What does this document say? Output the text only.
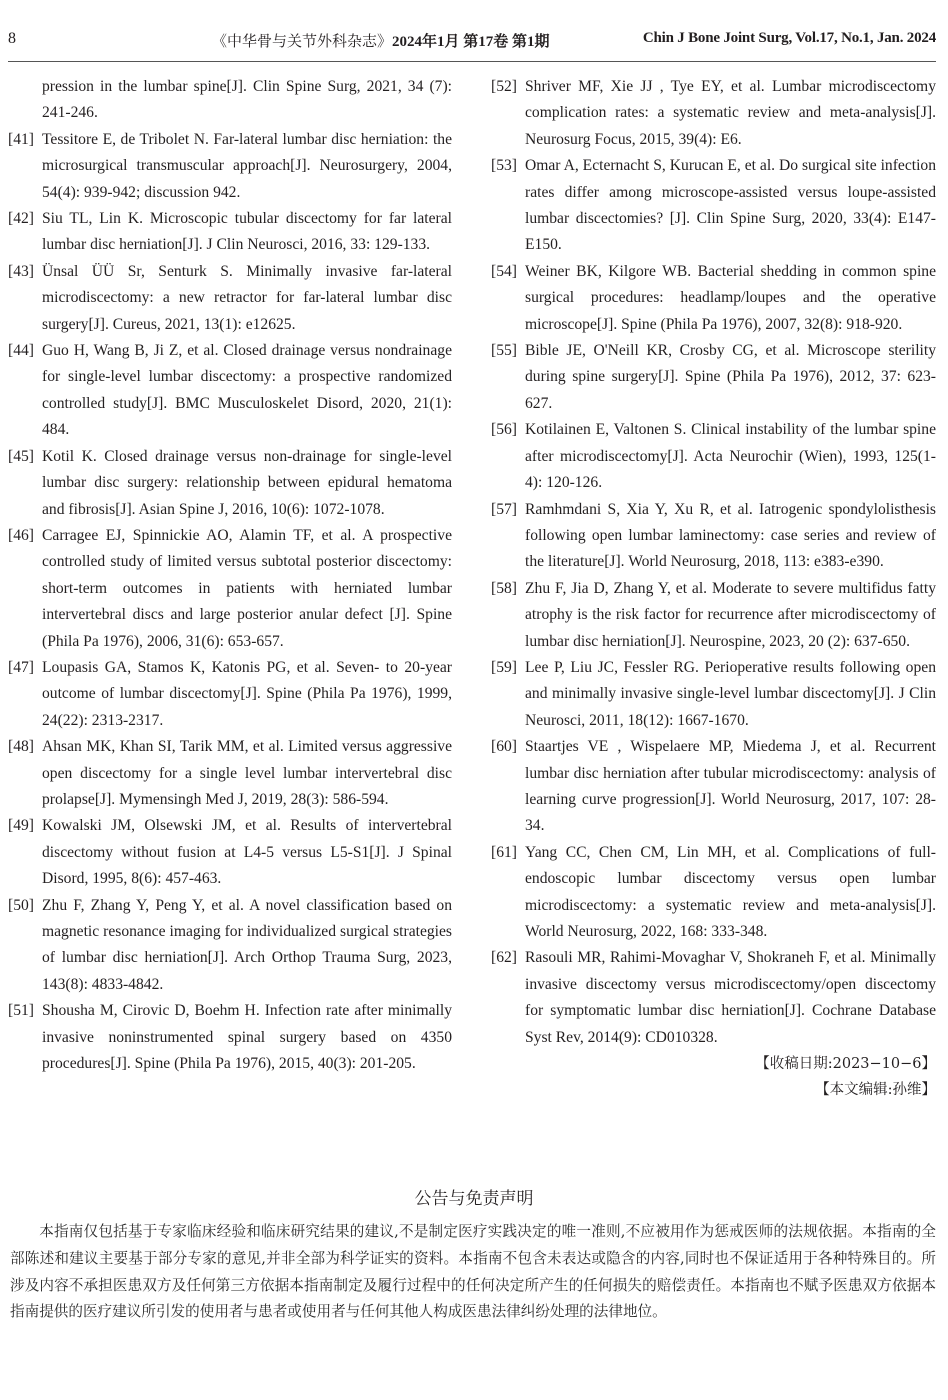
8	《中华骨与关节外科杂志》2024年1月 第17卷 第1期	Chin J Bone Joint Surg, Vol.17, No.1, Jan. 2024
pression in the lumbar spine[J]. Clin Spine Surg, 2021, 34 (7): 241-246.
[41] Tessitore E, de Tribolet N. Far-lateral lumbar disc herniation: the microsurgical transmuscular approach[J]. Neurosurgery, 2004, 54(4): 939-942; discussion 942.
[42] Siu TL, Lin K. Microscopic tubular discectomy for far lateral lumbar disc herniation[J]. J Clin Neurosci, 2016, 33: 129-133.
[43] Ünsal ÜÜ Sr, Senturk S. Minimally invasive far-lateral microdiscectomy: a new retractor for far-lateral lumbar disc surgery[J]. Cureus, 2021, 13(1): e12625.
[44] Guo H, Wang B, Ji Z, et al. Closed drainage versus nondrainage for single-level lumbar discectomy: a prospective randomized controlled study[J]. BMC Musculoskelet Disord, 2020, 21(1): 484.
[45] Kotil K. Closed drainage versus non-drainage for single-level lumbar disc surgery: relationship between epidural hematoma and fibrosis[J]. Asian Spine J, 2016, 10(6): 1072-1078.
[46] Carragee EJ, Spinnickie AO, Alamin TF, et al. A prospective controlled study of limited versus subtotal posterior discectomy: short-term outcomes in patients with herniated lumbar intervertebral discs and large posterior anular defect [J]. Spine (Phila Pa 1976), 2006, 31(6): 653-657.
[47] Loupasis GA, Stamos K, Katonis PG, et al. Seven- to 20-year outcome of lumbar discectomy[J]. Spine (Phila Pa 1976), 1999, 24(22): 2313-2317.
[48] Ahsan MK, Khan SI, Tarik MM, et al. Limited versus aggressive open discectomy for a single level lumbar intervertebral disc prolapse[J]. Mymensingh Med J, 2019, 28(3): 586-594.
[49] Kowalski JM, Olsewski JM, et al. Results of intervertebral discectomy without fusion at L4-5 versus L5-S1[J]. J Spinal Disord, 1995, 8(6): 457-463.
[50] Zhu F, Zhang Y, Peng Y, et al. A novel classification based on magnetic resonance imaging for individualized surgical strategies of lumbar disc herniation[J]. Arch Orthop Trauma Surg, 2023, 143(8): 4833-4842.
[51] Shousha M, Cirovic D, Boehm H. Infection rate after minimally invasive noninstrumented spinal surgery based on 4350 procedures[J]. Spine (Phila Pa 1976), 2015, 40(3): 201-205.
[52] Shriver MF, Xie JJ , Tye EY, et al. Lumbar microdiscectomy complication rates: a systematic review and meta-analysis[J]. Neurosurg Focus, 2015, 39(4): E6.
[53] Omar A, Ecternacht S, Kurucan E, et al. Do surgical site infection rates differ among microscope-assisted versus loupe-assisted lumbar discectomies? [J]. Clin Spine Surg, 2020, 33(4): E147-E150.
[54] Weiner BK, Kilgore WB. Bacterial shedding in common spine surgical procedures: headlamp/loupes and the operative microscope[J]. Spine (Phila Pa 1976), 2007, 32(8): 918-920.
[55] Bible JE, O'Neill KR, Crosby CG, et al. Microscope sterility during spine surgery[J]. Spine (Phila Pa 1976), 2012, 37: 623-627.
[56] Kotilainen E, Valtonen S. Clinical instability of the lumbar spine after microdiscectomy[J]. Acta Neurochir (Wien), 1993, 125(1-4): 120-126.
[57] Ramhmdani S, Xia Y, Xu R, et al. Iatrogenic spondylolisthesis following open lumbar laminectomy: case series and review of the literature[J]. World Neurosurg, 2018, 113: e383-e390.
[58] Zhu F, Jia D, Zhang Y, et al. Moderate to severe multifidus fatty atrophy is the risk factor for recurrence after microdiscectomy of lumbar disc herniation[J]. Neurospine, 2023, 20 (2): 637-650.
[59] Lee P, Liu JC, Fessler RG. Perioperative results following open and minimally invasive single-level lumbar discectomy[J]. J Clin Neurosci, 2011, 18(12): 1667-1670.
[60] Staartjes VE , Wispelaere MP, Miedema J, et al. Recurrent lumbar disc herniation after tubular microdiscectomy: analysis of learning curve progression[J]. World Neurosurg, 2017, 107: 28-34.
[61] Yang CC, Chen CM, Lin MH, et al. Complications of full-endoscopic lumbar discectomy versus open lumbar microdiscectomy: a systematic review and meta-analysis[J]. World Neurosurg, 2022, 168: 333-348.
[62] Rasouli MR, Rahimi-Movaghar V, Shokraneh F, et al. Minimally invasive discectomy versus microdiscectomy/open discectomy for symptomatic lumbar disc herniation[J]. Cochrane Database Syst Rev, 2014(9): CD010328.
【收稿日期:2023−10−6】
【本文编辑:孙维】
公告与免责声明
本指南仅包括基于专家临床经验和临床研究结果的建议,不是制定医疗实践决定的唯一准则,不应被用作为惩戒医师的法规依据。本指南的全部陈述和建议主要基于部分专家的意见,并非全部为科学证实的资料。本指南不包含未表达或隐含的内容,同时也不保证适用于各种特殊目的。所涉及内容不承担医患双方及任何第三方依据本指南制定及履行过程中的任何决定所产生的任何损失的赔偿责任。本指南也不赋予医患双方依据本指南提供的医疗建议所引发的使用者与患者或使用者与任何其他人构成医患法律纠纷处理的法律地位。
